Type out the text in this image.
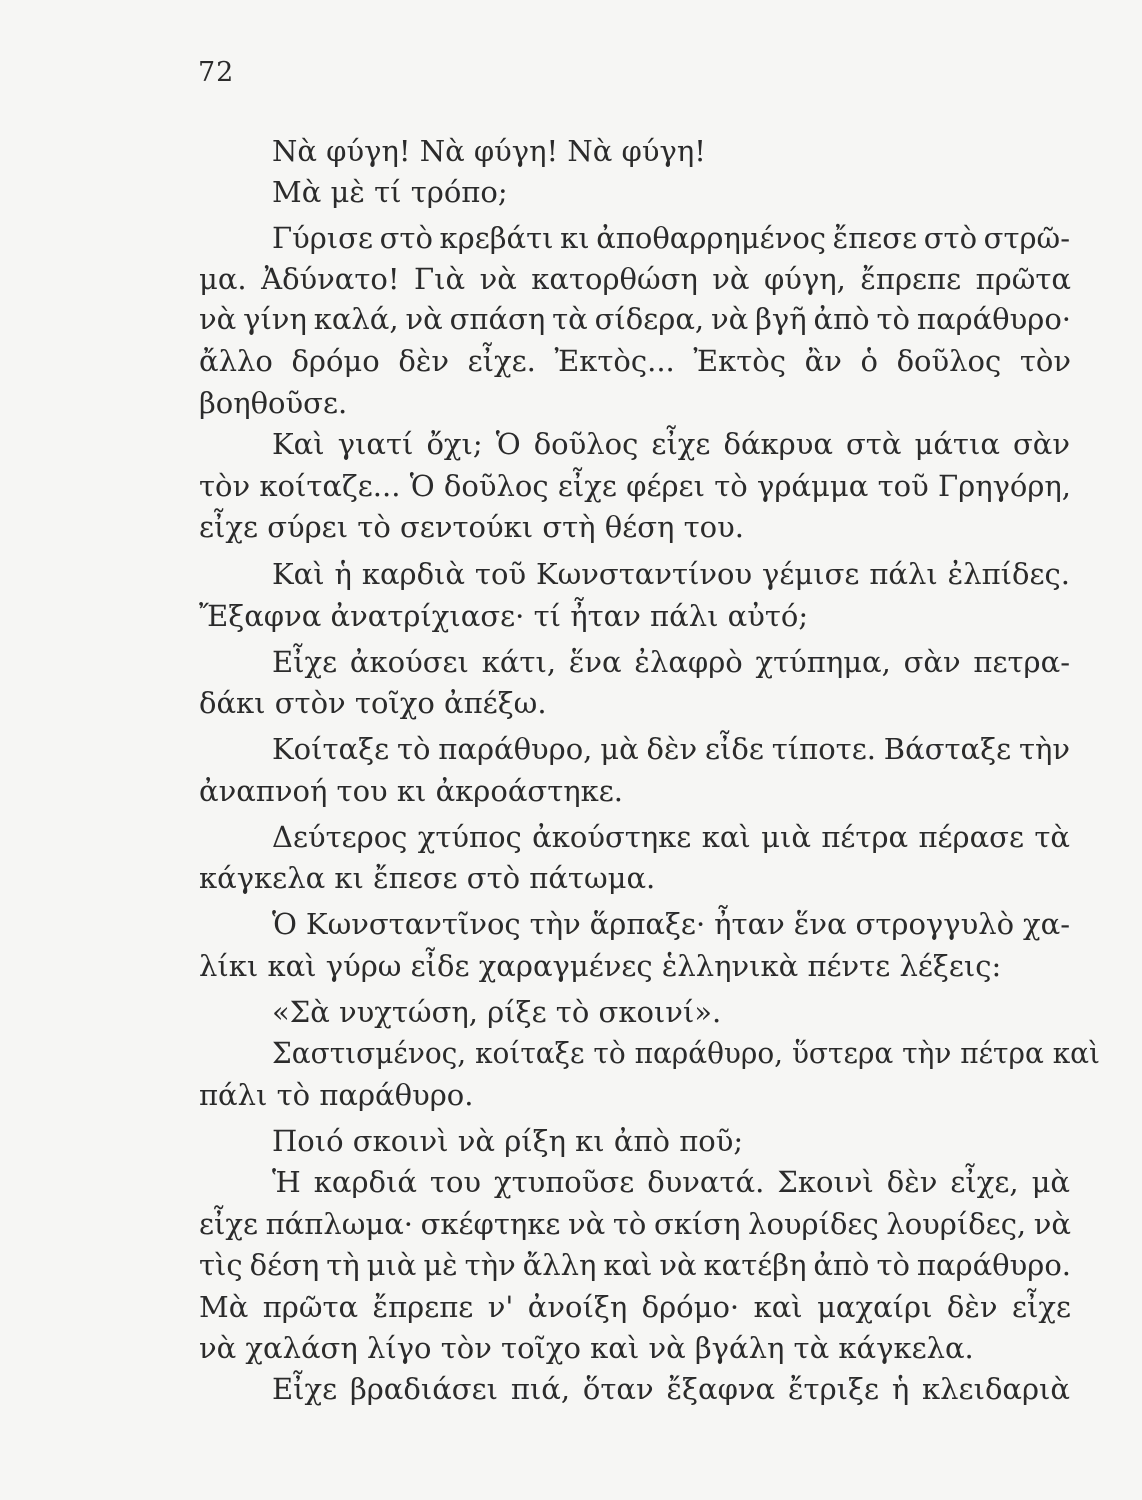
72
Νὰ φύγη! Νὰ φύγη! Νὰ φύγη!
Μὰ μὲ τί τρόπο;
Γύρισε στὸ κρεβάτι κι ἀποθαρρημένος ἔπεσε στὸ στρῶ-
μα. Ἀδύνατο! Γιὰ νὰ κατορθώση νὰ φύγη, ἔπρεπε πρῶτα
νὰ γίνη καλά, νὰ σπάση τὰ σίδερα, νὰ βγῆ ἀπὸ τὸ παράθυρο·
ἄλλο δρόμο δὲν εἶχε. Ἐκτὸς... Ἐκτὸς ἂν ὁ δοῦλος τὸν
βοηθοῦσε.
Καὶ γιατί ὄχι; Ὁ δοῦλος εἶχε δάκρυα στὰ μάτια σὰν
τὸν κοίταζε... Ὁ δοῦλος εἶχε φέρει τὸ γράμμα τοῦ Γρηγόρη,
εἶχε σύρει τὸ σεντούκι στὴ θέση του.
Καὶ ἡ καρδιὰ τοῦ Κωνσταντίνου γέμισε πάλι ἐλπίδες.
Ἔξαφνα ἀνατρίχιασε· τί ἦταν πάλι αὐτό;
Εἶχε ἀκούσει κάτι, ἕνα ἐλαφρὸ χτύπημα, σὰν πετρα-
δάκι στὸν τοῖχο ἀπέξω.
Κοίταξε τὸ παράθυρο, μὰ δὲν εἶδε τίποτε. Βάσταξε τὴν
ἀναπνοή του κι ἀκροάστηκε.
Δεύτερος χτύπος ἀκούστηκε καὶ μιὰ πέτρα πέρασε τὰ
κάγκελα κι ἔπεσε στὸ πάτωμα.
Ὁ Κωνσταντῖνος τὴν ἅρπαξε· ἦταν ἕνα στρογγυλὸ χα-
λίκι καὶ γύρω εἶδε χαραγμένες ἑλληνικὰ πέντε λέξεις:
«Σὰ νυχτώση, ρίξε τὸ σκοινί».
Σαστισμένος, κοίταξε τὸ παράθυρο, ὕστερα τὴν πέτρα καὶ
πάλι τὸ παράθυρο.
Ποιό σκοινὶ νὰ ρίξη κι ἀπὸ ποῦ;
Ἡ καρδιά του χτυποῦσε δυνατά. Σκοινὶ δὲν εἶχε, μὰ
εἶχε πάπλωμα· σκέφτηκε νὰ τὸ σκίση λουρίδες λουρίδες, νὰ
τὶς δέση τὴ μιὰ μὲ τὴν ἄλλη καὶ νὰ κατέβη ἀπὸ τὸ παράθυρο.
Μὰ πρῶτα ἔπρεπε ν' ἀνοίξη δρόμο· καὶ μαχαίρι δὲν εἶχε
νὰ χαλάση λίγο τὸν τοῖχο καὶ νὰ βγάλη τὰ κάγκελα.
Εἶχε βραδιάσει πιά, ὅταν ἔξαφνα ἔτριξε ἡ κλειδαριὰ
